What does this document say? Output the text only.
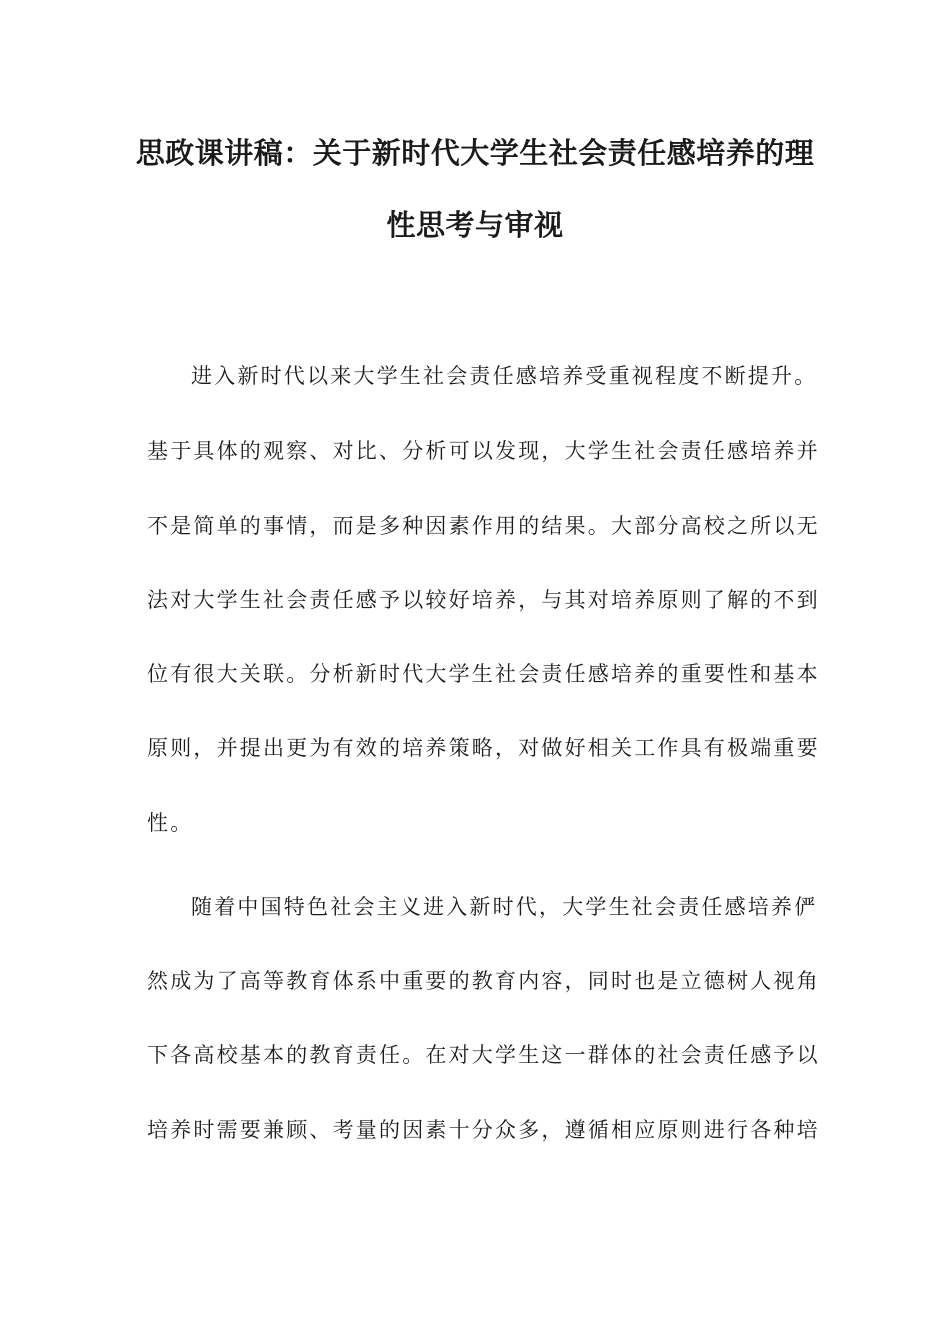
思政课讲稿：关于新时代大学生社会责任感培养的理
性思考与审视
进入新时代以来大学生社会责任感培养受重视程度不断提升。
基于具体的观察、对比、分析可以发现，大学生社会责任感培养并
不是简单的事情，而是多种因素作用的结果。大部分高校之所以无
法对大学生社会责任感予以较好培养，与其对培养原则了解的不到
位有很大关联。分析新时代大学生社会责任感培养的重要性和基本
原则，并提出更为有效的培养策略，对做好相关工作具有极端重要
性。
随着中国特色社会主义进入新时代，大学生社会责任感培养俨
然成为了高等教育体系中重要的教育内容，同时也是立德树人视角
下各高校基本的教育责任。在对大学生这一群体的社会责任感予以
培养时需要兼顾、考量的因素十分众多，遵循相应原则进行各种培
